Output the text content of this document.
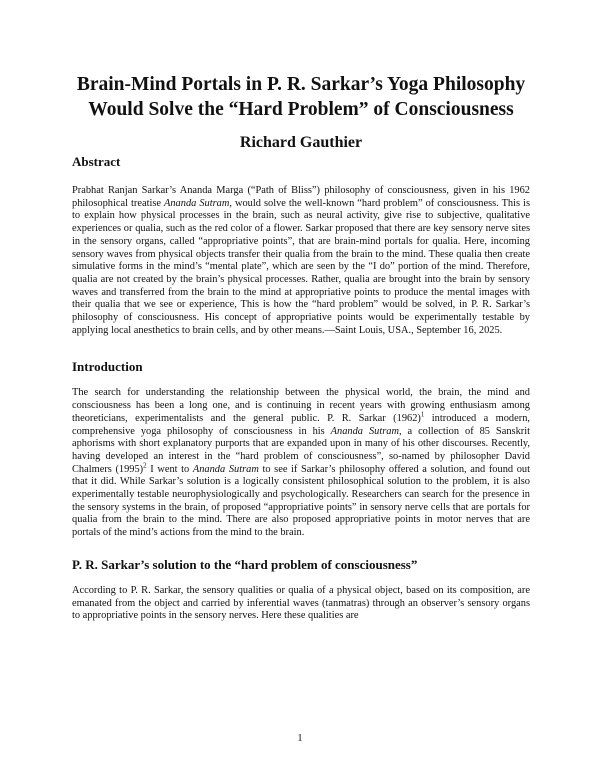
Brain-Mind Portals in P. R. Sarkar’s Yoga Philosophy
Would Solve the “Hard Problem” of Consciousness
Richard Gauthier
Abstract

Prabhat Ranjan Sarkar’s Ananda Marga (“Path of Bliss”) philosophy of consciousness, given in his 1962 philosophical treatise Ananda Sutram, would solve the well-known “hard problem” of consciousness. This is to explain how physical processes in the brain, such as neural activity, give rise to subjective, qualitative experiences or qualia, such as the red color of a flower. Sarkar proposed that there are key sensory nerve sites in the sensory organs, called “appropriative points”, that are brain-mind portals for qualia. Here, incoming sensory waves from physical objects transfer their qualia from the brain to the mind. These qualia then create simulative forms in the mind’s “mental plate”, which are seen by the “I do” portion of the mind. Therefore, qualia are not created by the brain’s physical processes. Rather, qualia are brought into the brain by sensory waves and transferred from the brain to the mind at appropriative points to produce the mental images with their qualia that we see or experience, This is how the “hard problem” would be solved, in P. R. Sarkar’s philosophy of consciousness. His concept of appropriative points would be experimentally testable by applying local anesthetics to brain cells, and by other means.—Saint Louis, USA., September 16, 2025.

Introduction

The search for understanding the relationship between the physical world, the brain, the mind and consciousness has been a long one, and is continuing in recent years with growing enthusiasm among theoreticians, experimentalists and the general public. P. R. Sarkar $(1962)^1$ introduced a modern, comprehensive yoga philosophy of consciousness in his Ananda Sutram, a collection of 85 Sanskrit aphorisms with short explanatory purports that are expanded upon in many of his other discourses. Recently, having developed an interest in the “hard problem of consciousness”, so-named by philosopher David Chalmers $(1995)^2$ I went to Ananda Sutram to see if Sarkar’s philosophy offered a solution, and found out that it did. While Sarkar’s solution is a logically consistent philosophical solution to the problem, it is also experimentally testable neurophysiologically and psychologically. Researchers can search for the presence in the sensory systems in the brain, of proposed “appropriative points” in sensory nerve cells that are portals for qualia from the brain to the mind. There are also proposed appropriative points in motor nerves that are portals of the mind’s actions from the mind to the brain.

P. R. Sarkar’s solution to the “hard problem of consciousness”

According to P. R. Sarkar, the sensory qualities or qualia of a physical object, based on its composition, are emanated from the object and carried by inferential waves (tanmatras) through an observer’s sensory organs to appropriative points in the sensory nerves. Here these qualities are

1
